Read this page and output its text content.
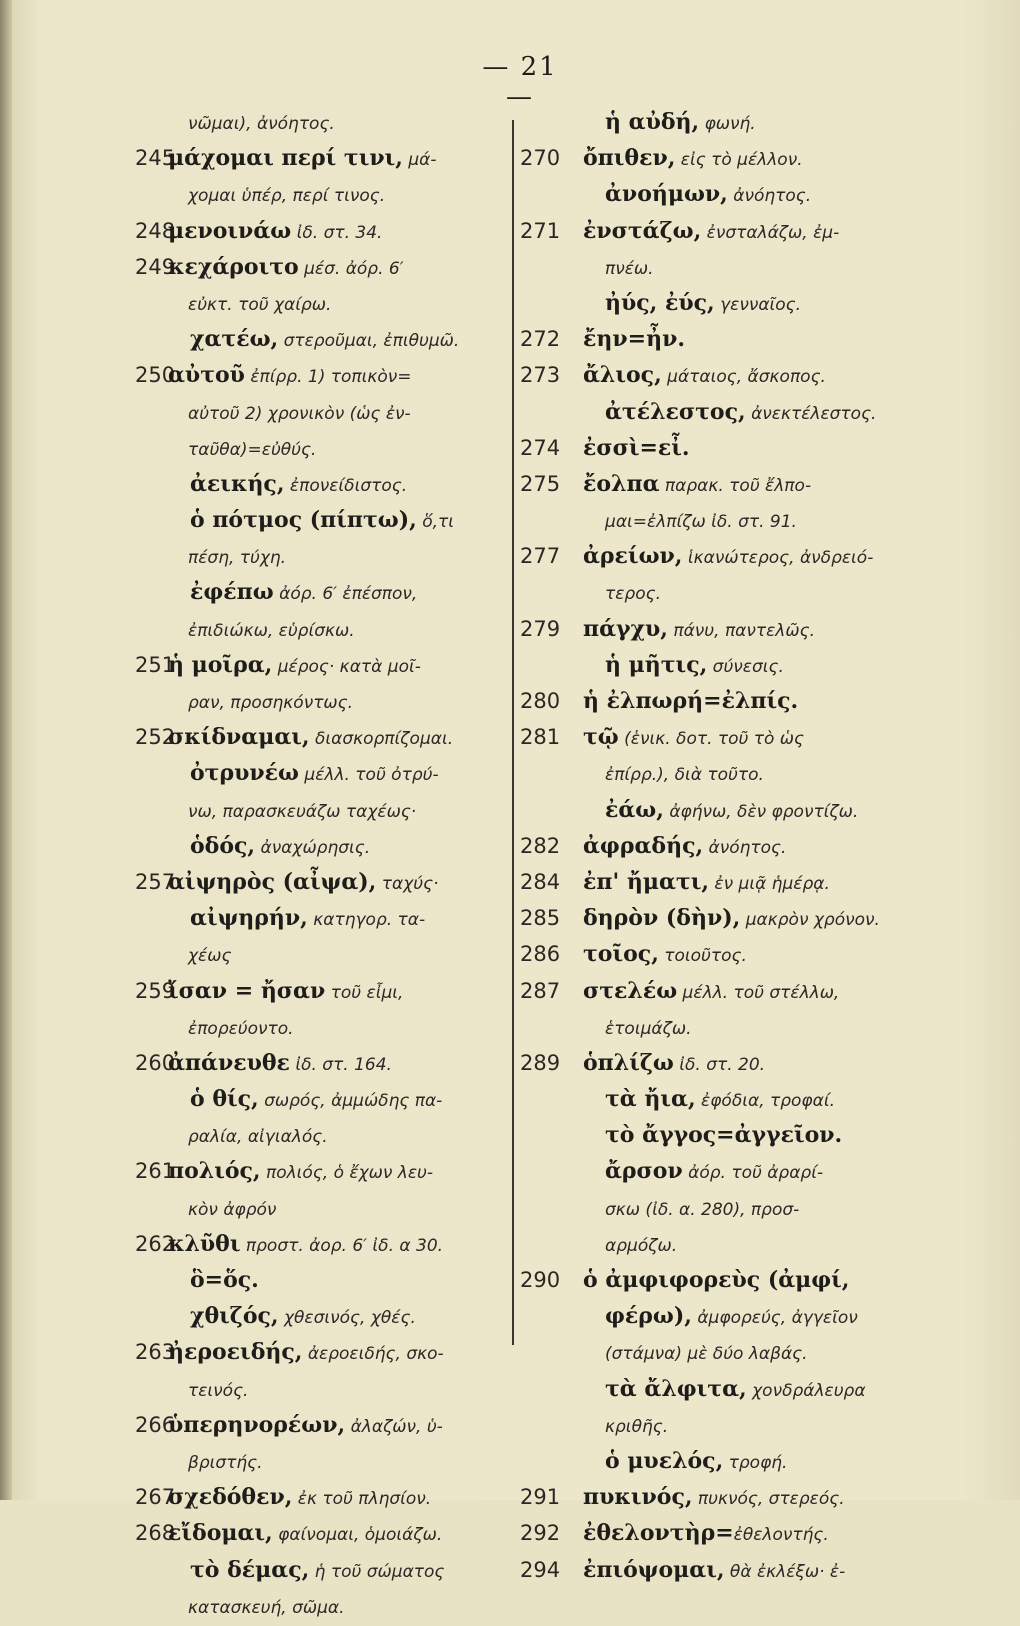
— 21 —
νῶμαι), ἀνόητος.
245
μάχομαι περί τινι, μά-
χομαι ὑπέρ, περί τινος.
248
μενοινάω ἰδ. στ. 34.
249
κεχάροιτο μέσ. ἀόρ. 6′
εὐκτ. τοῦ χαίρω.
χατέω, στεροῦμαι, ἐπιθυμῶ.
250
αὐτοῦ ἐπίρρ. 1) τοπικὸν=
αὐτοῦ 2) χρονικὸν (ὡς ἐν-
ταῦθα)=εὐθύς.
ἀεικής, ἐπονείδιστος.
ὁ πότμος (πίπτω), ὅ,τι
πέση, τύχη.
ἐφέπω ἀόρ. 6′ ἐπέσπον,
ἐπιδιώκω, εὑρίσκω.
251
ἡ μοῖρα, μέρος· κατὰ μοῖ-
ραν, προσηκόντως.
252
σκίδναμαι, διασκορπίζομαι.
ὀτρυνέω μέλλ. τοῦ ὀτρύ-
νω, παρασκευάζω ταχέως·
ὁδός, ἀναχώρησις.
257
αἰψηρὸς (αἶψα), ταχύς·
αἰψηρήν, κατηγορ. τα-
χέως
259
ἴσαν = ἤσαν τοῦ εἶμι,
ἐπορεύοντο.
260
ἀπάνευθε ἰδ. στ. 164.
ὁ θίς, σωρός, ἀμμώδης πα-
ραλία, αἰγιαλός.
261
πολιός, πολιός, ὁ ἔχων λευ-
κὸν ἀφρόν
262
κλῦθι προστ. ἀορ. 6′ ἰδ. α 30.
ὃ=ὅς.
χθιζός, χθεσινός, χθές.
263
ἠεροειδής, ἀεροειδής, σκο-
τεινός.
266
ὑπερηνορέων, ἀλαζών, ὑ-
βριστής.
267
σχεδόθεν, ἐκ τοῦ πλησίον.
268
εἴδομαι, φαίνομαι, ὁμοιάζω.
τὸ δέμας, ἡ τοῦ σώματος
κατασκευή, σῶμα.
ἡ αὐδή, φωνή.
270 ὄπιθεν, εἰς τὸ μέλλον.
ἀνοήμων, ἀνόητος.
271 ἐνστάζω, ἐνσταλάζω, ἐμ-
πνέω.
ἠύς, ἐύς, γενναῖος.
272 ἔην=ἦν.
273 ἄλιος, μάταιος, ἄσκοπος.
ἀτέλεστος, ἀνεκτέλεστος.
274 ἐσσὶ=εἶ.
275 ἔολπα παρακ. τοῦ ἔλπο-
μαι=ἐλπίζω ἰδ. στ. 91.
277 ἀρείων, ἱκανώτερος, ἀνδρειό-
τερος.
279 πάγχυ, πάνυ, παντελῶς.
ἡ μῆτις, σύνεσις.
280 ἡ ἐλπωρή=ἐλπίς.
281 τῷ (ἑνικ. δοτ. τοῦ τὸ ὡς
ἐπίρρ.), διὰ τοῦτο.
ἐάω, ἀφήνω, δὲν φροντίζω.
282 ἀφραδής, ἀνόητος.
284 ἐπ' ἤματι, ἐν μιᾷ ἡμέρᾳ.
285 δηρὸν (δὴν), μακρὸν χρόνον.
286 τοῖος, τοιοῦτος.
287 στελέω μέλλ. τοῦ στέλλω,
ἑτοιμάζω.
289 ὁπλίζω ἰδ. στ. 20.
τὰ ἤια, ἐφόδια, τροφαί.
τὸ ἄγγος=ἀγγεῖον.
ἄρσον ἀόρ. τοῦ ἀραρί-
σκω (ἰδ. α. 280), προσ-
αρμόζω.
290 ὁ ἀμφιφορεὺς (ἀμφί,
φέρω), ἀμφορεύς, ἀγγεῖον
(στάμνα) μὲ δύο λαβάς.
τὰ ἄλφιτα, χονδράλευρα
κριθῆς.
ὁ μυελός, τροφή.
291 πυκινός, πυκνός, στερεός.
292 ἐθελοντὴρ=ἐθελοντής.
294 ἐπιόψομαι, θὰ ἐκλέξω· ἐ-
